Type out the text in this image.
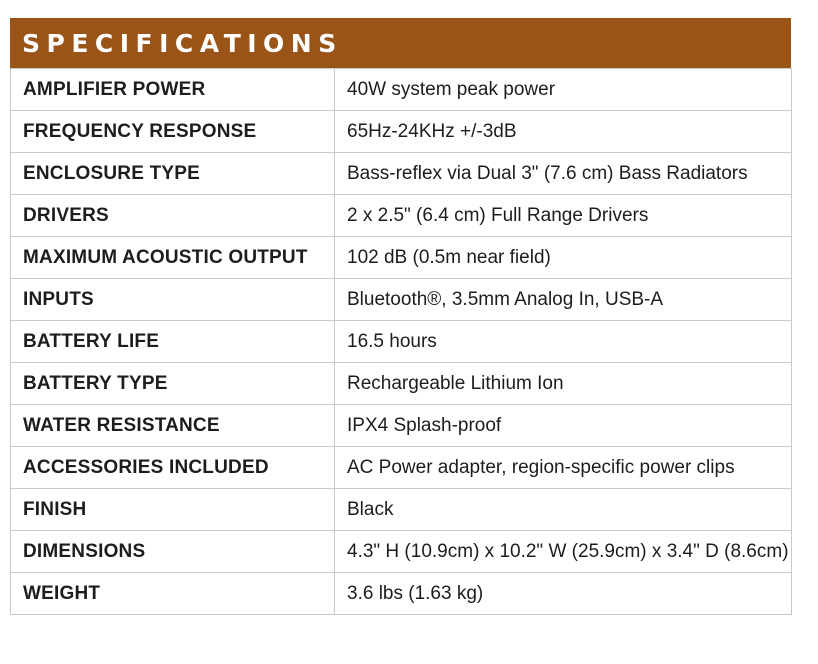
SPECIFICATIONS
AMPLIFIER POWER	40W system peak power
FREQUENCY RESPONSE	65Hz-24KHz +/-3dB
ENCLOSURE TYPE	Bass-reflex via Dual 3" (7.6 cm) Bass Radiators
DRIVERS	2 x 2.5" (6.4 cm) Full Range Drivers
MAXIMUM ACOUSTIC OUTPUT	102 dB (0.5m near field)
INPUTS	Bluetooth®, 3.5mm Analog In, USB-A
BATTERY LIFE	16.5 hours
BATTERY TYPE	Rechargeable Lithium Ion
WATER RESISTANCE	IPX4 Splash-proof
ACCESSORIES INCLUDED	AC Power adapter, region-specific power clips
FINISH	Black
DIMENSIONS	4.3" H (10.9cm) x 10.2" W (25.9cm) x 3.4" D (8.6cm)
WEIGHT	3.6 lbs (1.63 kg)
